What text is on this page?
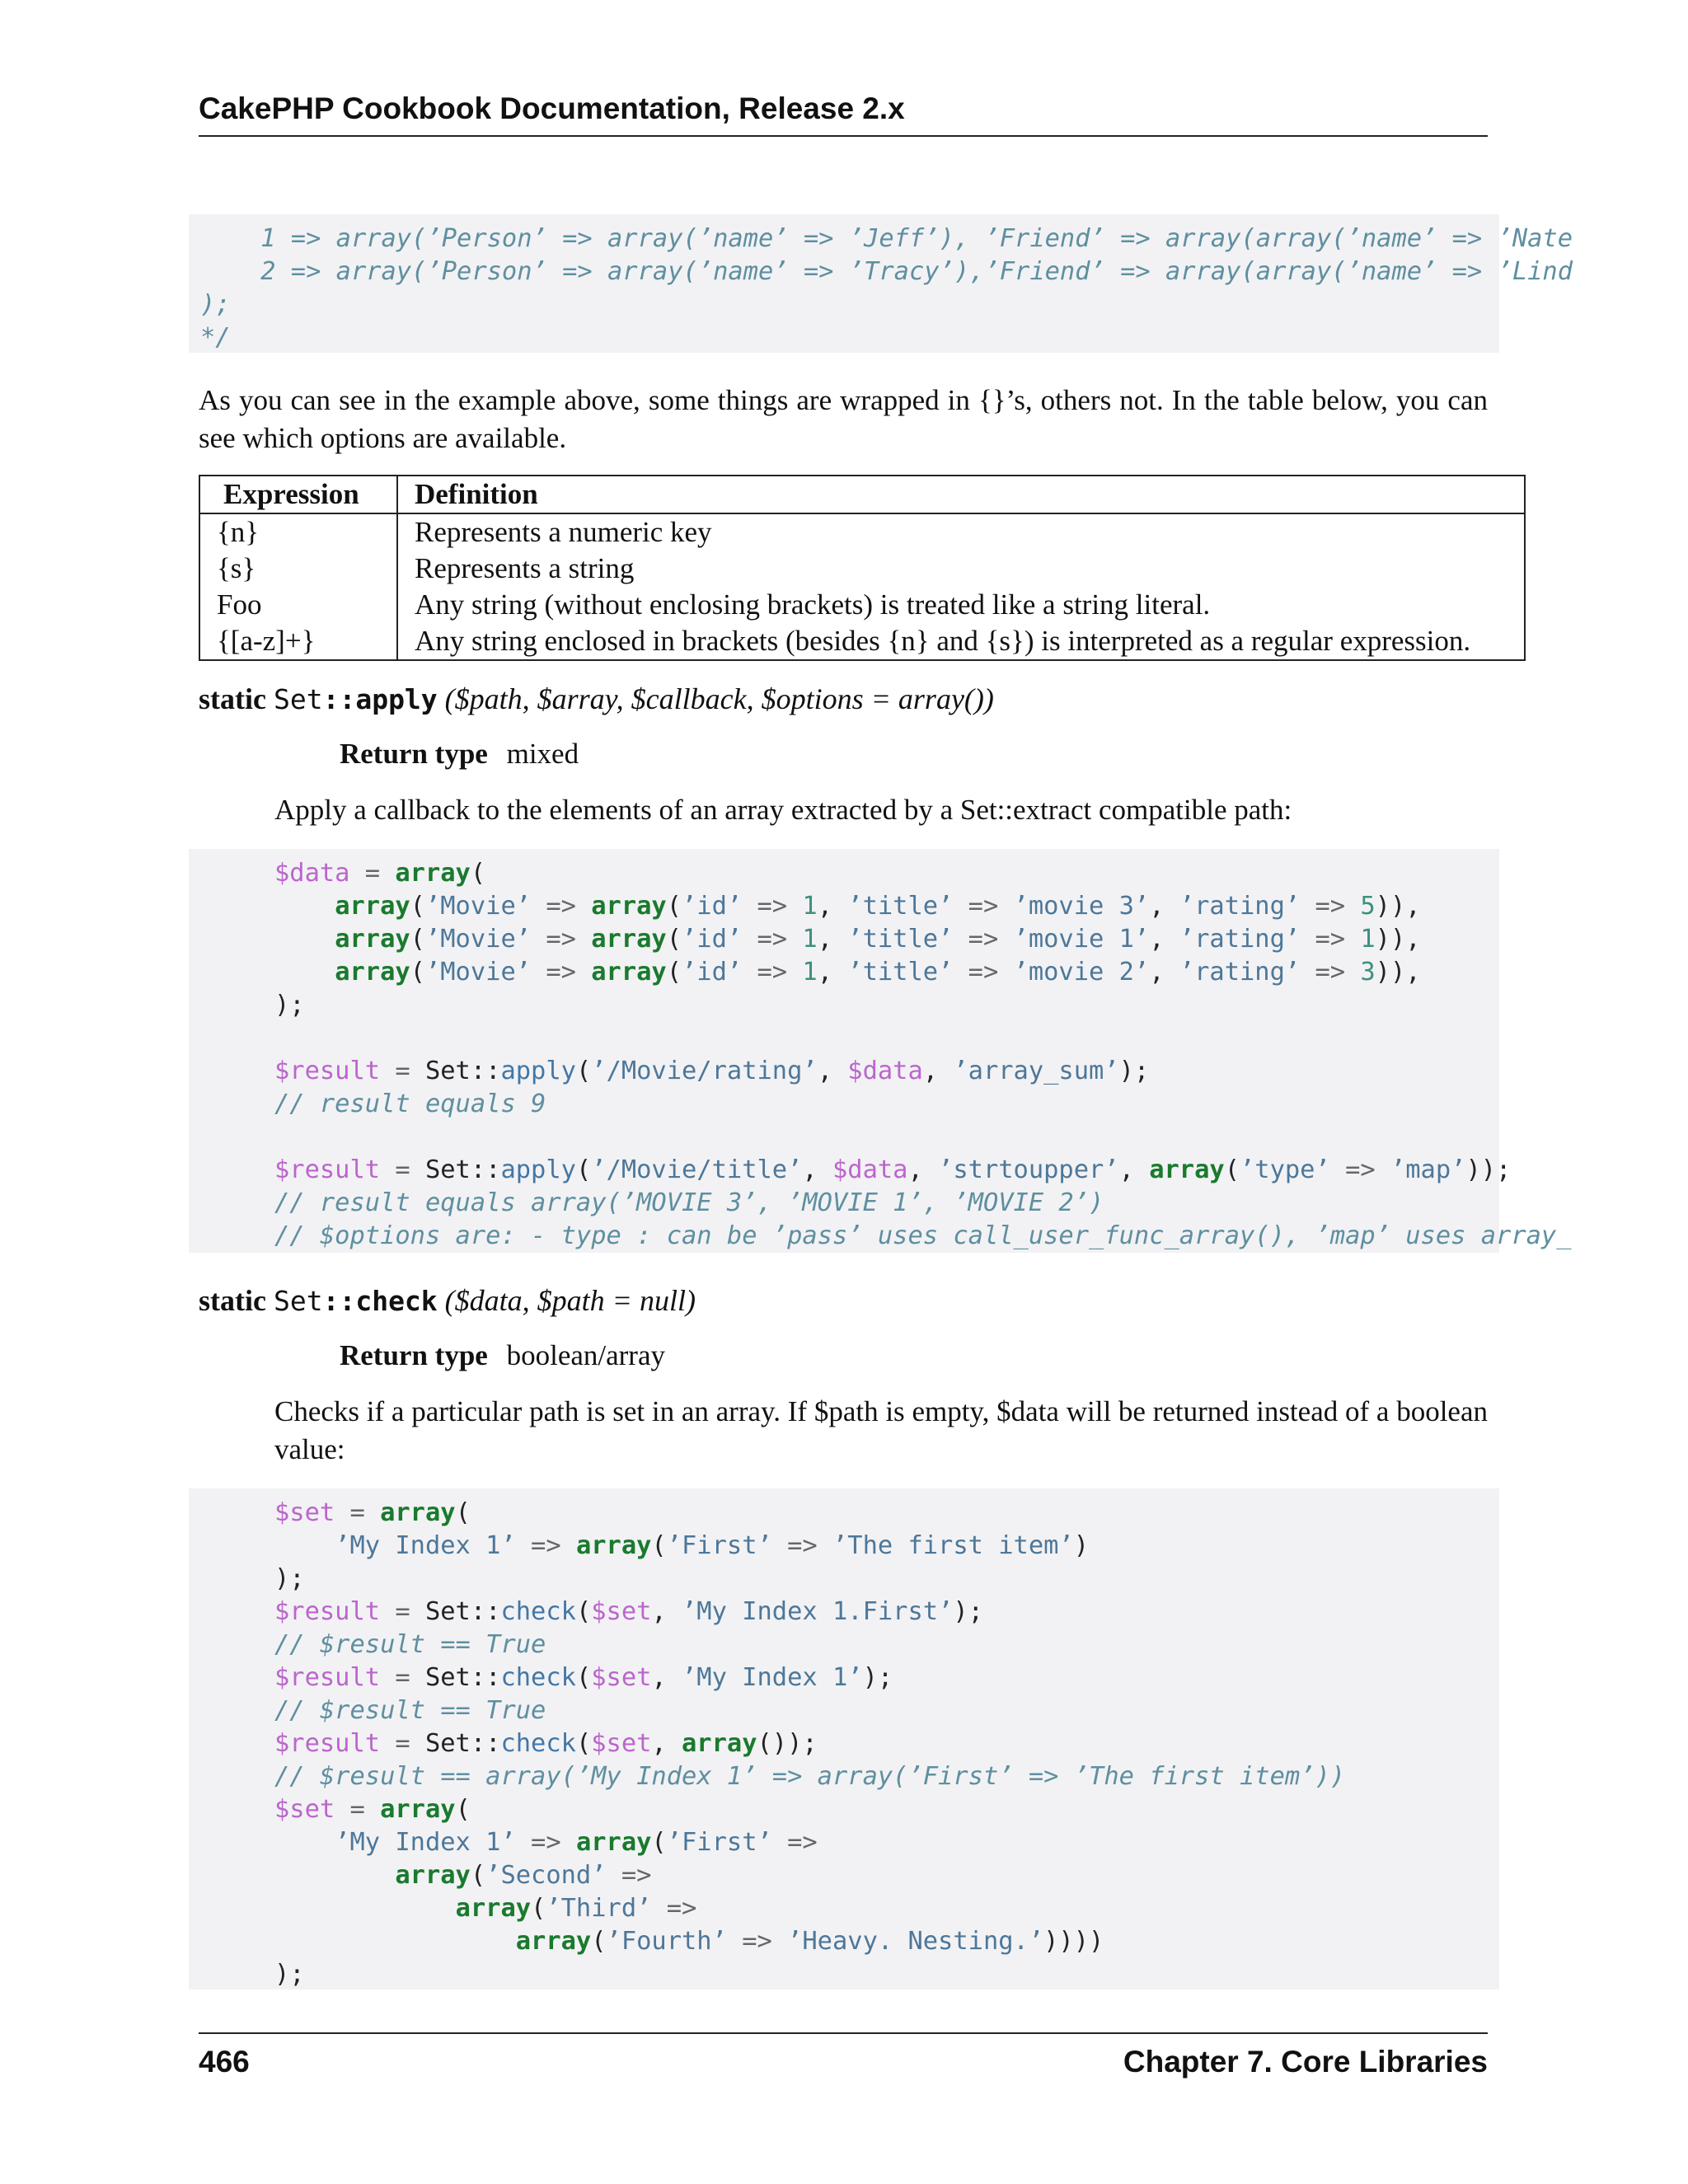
CakePHP Cookbook Documentation, Release 2.x
1 => array(’Person’ => array(’name’ => ’Jeff’), ’Friend’ => array(array(’name’ => ’Nate
2 => array(’Person’ => array(’name’ => ’Tracy’),’Friend’ => array(array(’name’ => ’Lind
);
*/
As you can see in the example above, some things are wrapped in {}’s, others not. In the table below, you can see which options are available.
Expression	Definition
{n}	Represents a numeric key
{s}	Represents a string
Foo	Any string (without enclosing brackets) is treated like a string literal.
{[a-z]+}	Any string enclosed in brackets (besides {n} and {s}) is interpreted as a regular expression.
static Set::apply ($path, $array, $callback, $options = array())
Return type mixed
Apply a callback to the elements of an array extracted by a Set::extract compatible path:
$data = array(
array(’Movie’ => array(’id’ => 1, ’title’ => ’movie 3’, ’rating’ => 5)),
array(’Movie’ => array(’id’ => 1, ’title’ => ’movie 1’, ’rating’ => 1)),
array(’Movie’ => array(’id’ => 1, ’title’ => ’movie 2’, ’rating’ => 3)),
);

$result = Set::apply(’/Movie/rating’, $data, ’array_sum’);
// result equals 9

$result = Set::apply(’/Movie/title’, $data, ’strtoupper’, array(’type’ => ’map’));
// result equals array(’MOVIE 3’, ’MOVIE 1’, ’MOVIE 2’)
// $options are: - type : can be ’pass’ uses call_user_func_array(), ’map’ uses array_
static Set::check ($data, $path = null)
Return type boolean/array
Checks if a particular path is set in an array. If $path is empty, $data will be returned instead of a boolean value:
$set = array(
’My Index 1’ => array(’First’ => ’The first item’)
);
$result = Set::check($set, ’My Index 1.First’);
// $result == True
$result = Set::check($set, ’My Index 1’);
// $result == True
$result = Set::check($set, array());
// $result == array(’My Index 1’ => array(’First’ => ’The first item’))
$set = array(
’My Index 1’ => array(’First’ =>
array(’Second’ =>
array(’Third’ =>
array(’Fourth’ => ’Heavy. Nesting.’))))
);
466	Chapter 7. Core Libraries
